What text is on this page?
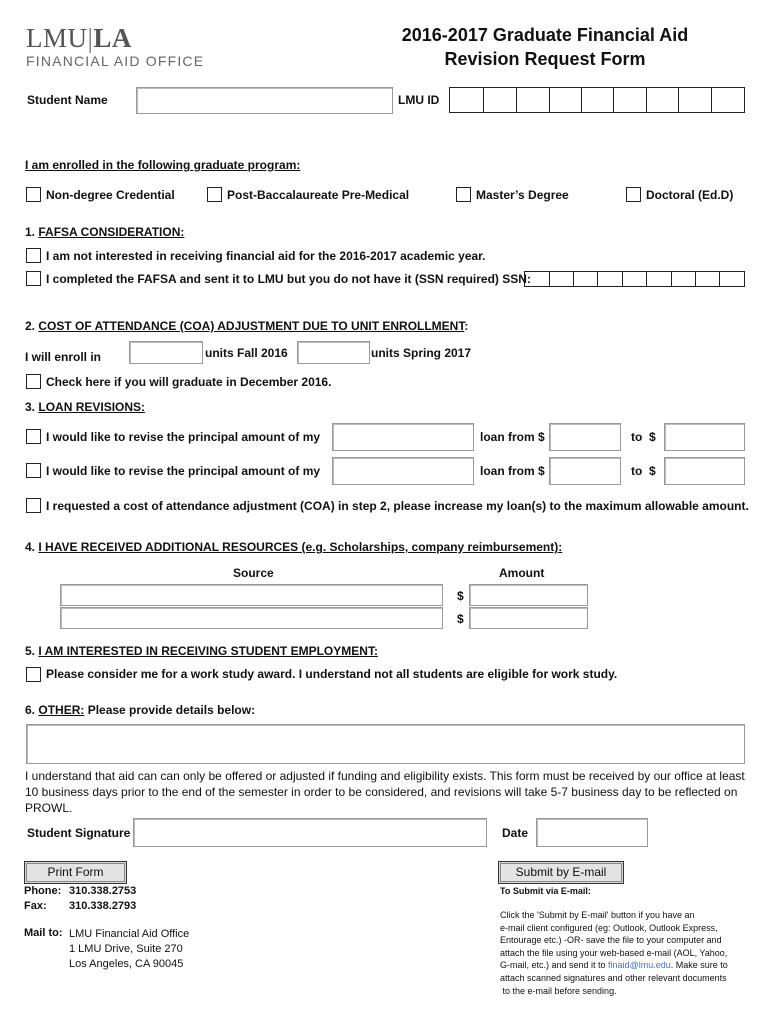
LMU|LA
FINANCIAL AID OFFICE
2016-2017 Graduate Financial Aid
Revision Request Form
Student Name	LMU ID
I am enrolled in the following graduate program:
Non-degree Credential	Post-Baccalaureate Pre-Medical	Master’s Degree	Doctoral (Ed.D)
1. FAFSA CONSIDERATION:
I am not interested in receiving financial aid for the 2016-2017 academic year.
I completed the FAFSA and sent it to LMU but you do not have it (SSN required) SSN:
2. COST OF ATTENDANCE (COA) ADJUSTMENT DUE TO UNIT ENROLLMENT:
I will enroll in	units Fall 2016	units Spring 2017
Check here if you will graduate in December 2016.
3. LOAN REVISIONS:
I would like to revise the principal amount of my	loan from $	to  $
I would like to revise the principal amount of my	loan from $	to  $
I requested a cost of attendance adjustment (COA) in step 2, please increase my loan(s) to the maximum allowable amount.
4. I HAVE RECEIVED ADDITIONAL RESOURCES (e.g. Scholarships, company reimbursement):
Source	Amount
$
$
5. I AM INTERESTED IN RECEIVING STUDENT EMPLOYMENT:
Please consider me for a work study award. I understand not all students are eligible for work study.
6. OTHER: Please provide details below:
I understand that aid can can only be offered or adjusted if funding and eligibility exists. This form must be received by our office at least 10 business days prior to the end of the semester in order to be considered, and revisions will take 5-7 business day to be reflected on PROWL.
Student Signature	Date
Print Form	Submit by E-mail
Phone: 310.338.2753
Fax: 310.338.2793
Mail to: LMU Financial Aid Office
1 LMU Drive, Suite 270
Los Angeles, CA 90045
To Submit via E-mail:
Click the 'Submit by E-mail' button if you have an
e-mail client configured (eg: Outlook, Outlook Express,
Entourage etc.) -OR- save the file to your computer and
attach the file using your web-based e-mail (AOL, Yahoo,
G-mail, etc.) and send it to finaid@lmu.edu. Make sure to
attach scanned signatures and other relevant documents
to the e-mail before sending.
